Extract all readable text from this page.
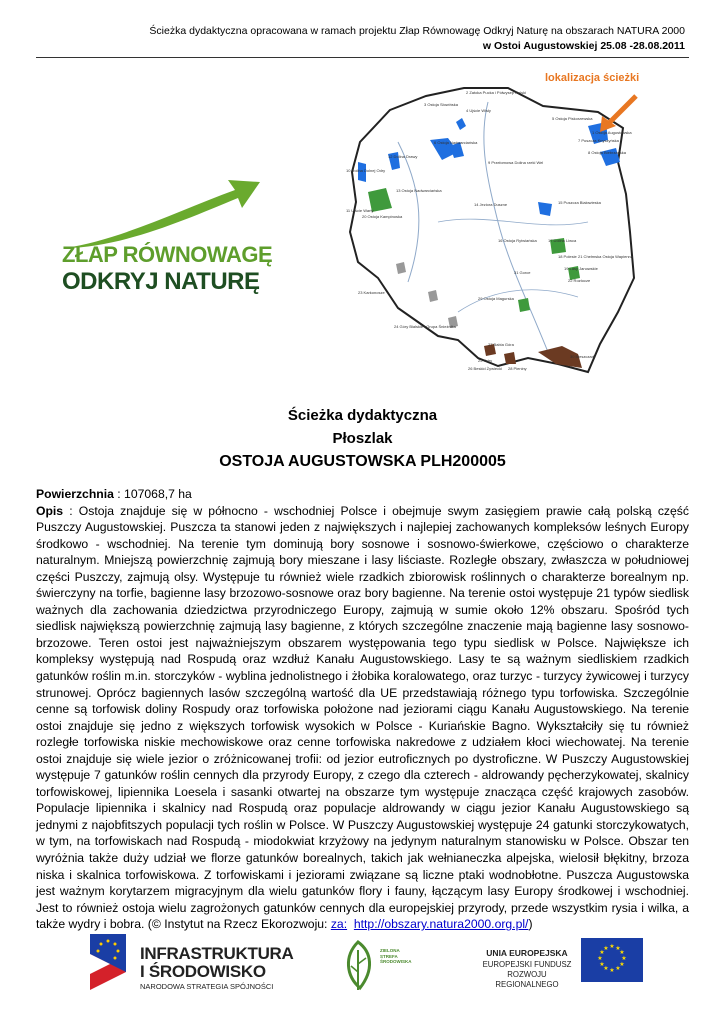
Ścieżka dydaktyczna opracowana w ramach projektu Złap Równowagę Odkryj Naturę na obszarach NATURA 2000
w Ostoi Augustowskiej 25.08 -28.08.2011
ZŁAP RÓWNOWAGĘ
ODKRYJ NATURĘ
lokalizacja ścieżki
2 Zatoka Pucka i Półwysep Helski
3 Ostoja Słowińska
4 Ujście Wisły
5 Ostoja Piskorzewska
1 Ostoja Augustowska
7 Puszcza Knyszyńska
6 Ostoja Nadwarciańska
8 Ostoja Biebrzańska
9 Przełomowa Dolina rzeki Wel
10 Dolina Dolnej Odry
11 Ujście Warty
12 Dolina Drawy
13 Ostoja Nadwarciańska
14 Jeziora Duszne	15 Puszcza Białowieska
16 Ostoja Rytwiańska	17 Dolina Liwca
18 Polesie
19 Lasy Janowskie
20 Ostoja Kampinoska
21 Chełmska Ostoja Wapienna
22 Roztocze
23 Karkonosze
24 Góry Bialskie i Grupa Śnieżnika
25 Tatry
26 Beskid Żywiecki
27 Babia Góra
28 Pieniny
29 Ostoja Magurska
30 Bieszczady
31 Gorce
Ścieżka dydaktyczna
Płoszlak
OSTOJA AUGUSTOWSKA PLH200005

Powierzchnia : 107068,7 ha

Opis : Ostoja znajduje się w północno - wschodniej Polsce i obejmuje swym zasięgiem prawie całą polską część Puszczy Augustowskiej. Puszcza ta stanowi jeden z największych i najlepiej zachowanych kompleksów leśnych Europy środkowo - wschodniej. Na terenie tym dominują bory sosnowe i sosnowo-świerkowe, częściowo o charakterze naturalnym. Mniejszą powierzchnię zajmują bory mieszane i lasy liściaste. Rozległe obszary, zwłaszcza w południowej części Puszczy, zajmują olsy. Występuje tu również wiele rzadkich zbiorowisk roślinnych o charakterze borealnym np. świerczyny na torfie, bagienne lasy brzozowo-sosnowe oraz bory bagienne. Na terenie ostoi występuje 21 typów siedlisk ważnych dla zachowania dziedzictwa przyrodniczego Europy, zajmują w sumie około 12% obszaru. Spośród tych siedlisk największą powierzchnię zajmują lasy bagienne, z których szczególne znaczenie mają bagienne lasy sosnowo-brzozowe. Teren ostoi jest najważniejszym obszarem występowania tego typu siedlisk w Polsce. Największe ich kompleksy występują nad Rospudą oraz wzdłuż Kanału Augustowskiego. Lasy te są ważnym siedliskiem rzadkich gatunków roślin m.in. storczyków - wyblina jednolistnego i żłobika koralowatego, oraz turzyc - turzycy żywicowej i turzycy strunowej. Oprócz bagiennych lasów szczególną wartość dla UE przedstawiają różnego typu torfowiska. Szczególnie cenne są torfowisk doliny Rospudy oraz torfowiska położone nad jeziorami ciągu Kanału Augustowskiego. Na terenie ostoi znajduje się jedno z większych torfowisk wysokich w Polsce - Kuriańskie Bagno. Wykształciły się tu również rozległe torfowiska niskie mechowiskowe oraz cenne torfowiska nakredowe z udziałem kłoci wiechowatej. Na terenie ostoi znajduje się wiele jezior o zróżnicowanej trofii: od jezior eutroficznych po dystroficzne. W Puszczy Augustowskiej występuje 7 gatunków roślin cennych dla przyrody Europy, z czego dla czterech - aldrowandy pęcherzykowatej, skalnicy torfowiskowej, lipiennika Loesela i sasanki otwartej na obszarze tym występuje znacząca część krajowych zasobów. Populacje lipiennika i skalnicy nad Rospudą oraz populacje aldrowandy w ciągu jezior Kanału Augustowskiego są jednymi z najobfitszych populacji tych roślin w Polsce. W Puszczy Augustowskiej występuje 24 gatunki storczykowatych, w tym, na torfowiskach nad Rospudą - miodokwiat krzyżowy na jedynym naturalnym stanowisku w Polsce. Obszar ten wyróżnia także duży udział we florze gatunków borealnych, takich jak wełnianeczka alpejska, wielosił błękitny, brzoza niska i skalnica torfowiskowa. Z torfowiskami i jeziorami związane są liczne ptaki wodnobłotne. Puszcza Augustowska jest ważnym korytarzem migracyjnym dla wielu gatunków flory i fauny, łączącym lasy Europy środkowej i wschodniej. Jest to również ostoja wielu zagrożonych gatunków cennych dla europejskiej przyrody, przede wszystkim rysia i wilka, a także wydry i bobra. (© Instytut na Rzecz Ekorozwoju: za: http://obszary.natura2000.org.pl/)

INFRASTRUKTURA
I ŚRODOWISKO
NARODOWA STRATEGIA SPÓJNOŚCI
ZIELONA STREFA ŚRODOWISKA
UNIA EUROPEJSKA
EUROPEJSKI FUNDUSZ
ROZWOJU REGIONALNEGO
★ ★
★
★
★
★
★
★
★
★
★
★
